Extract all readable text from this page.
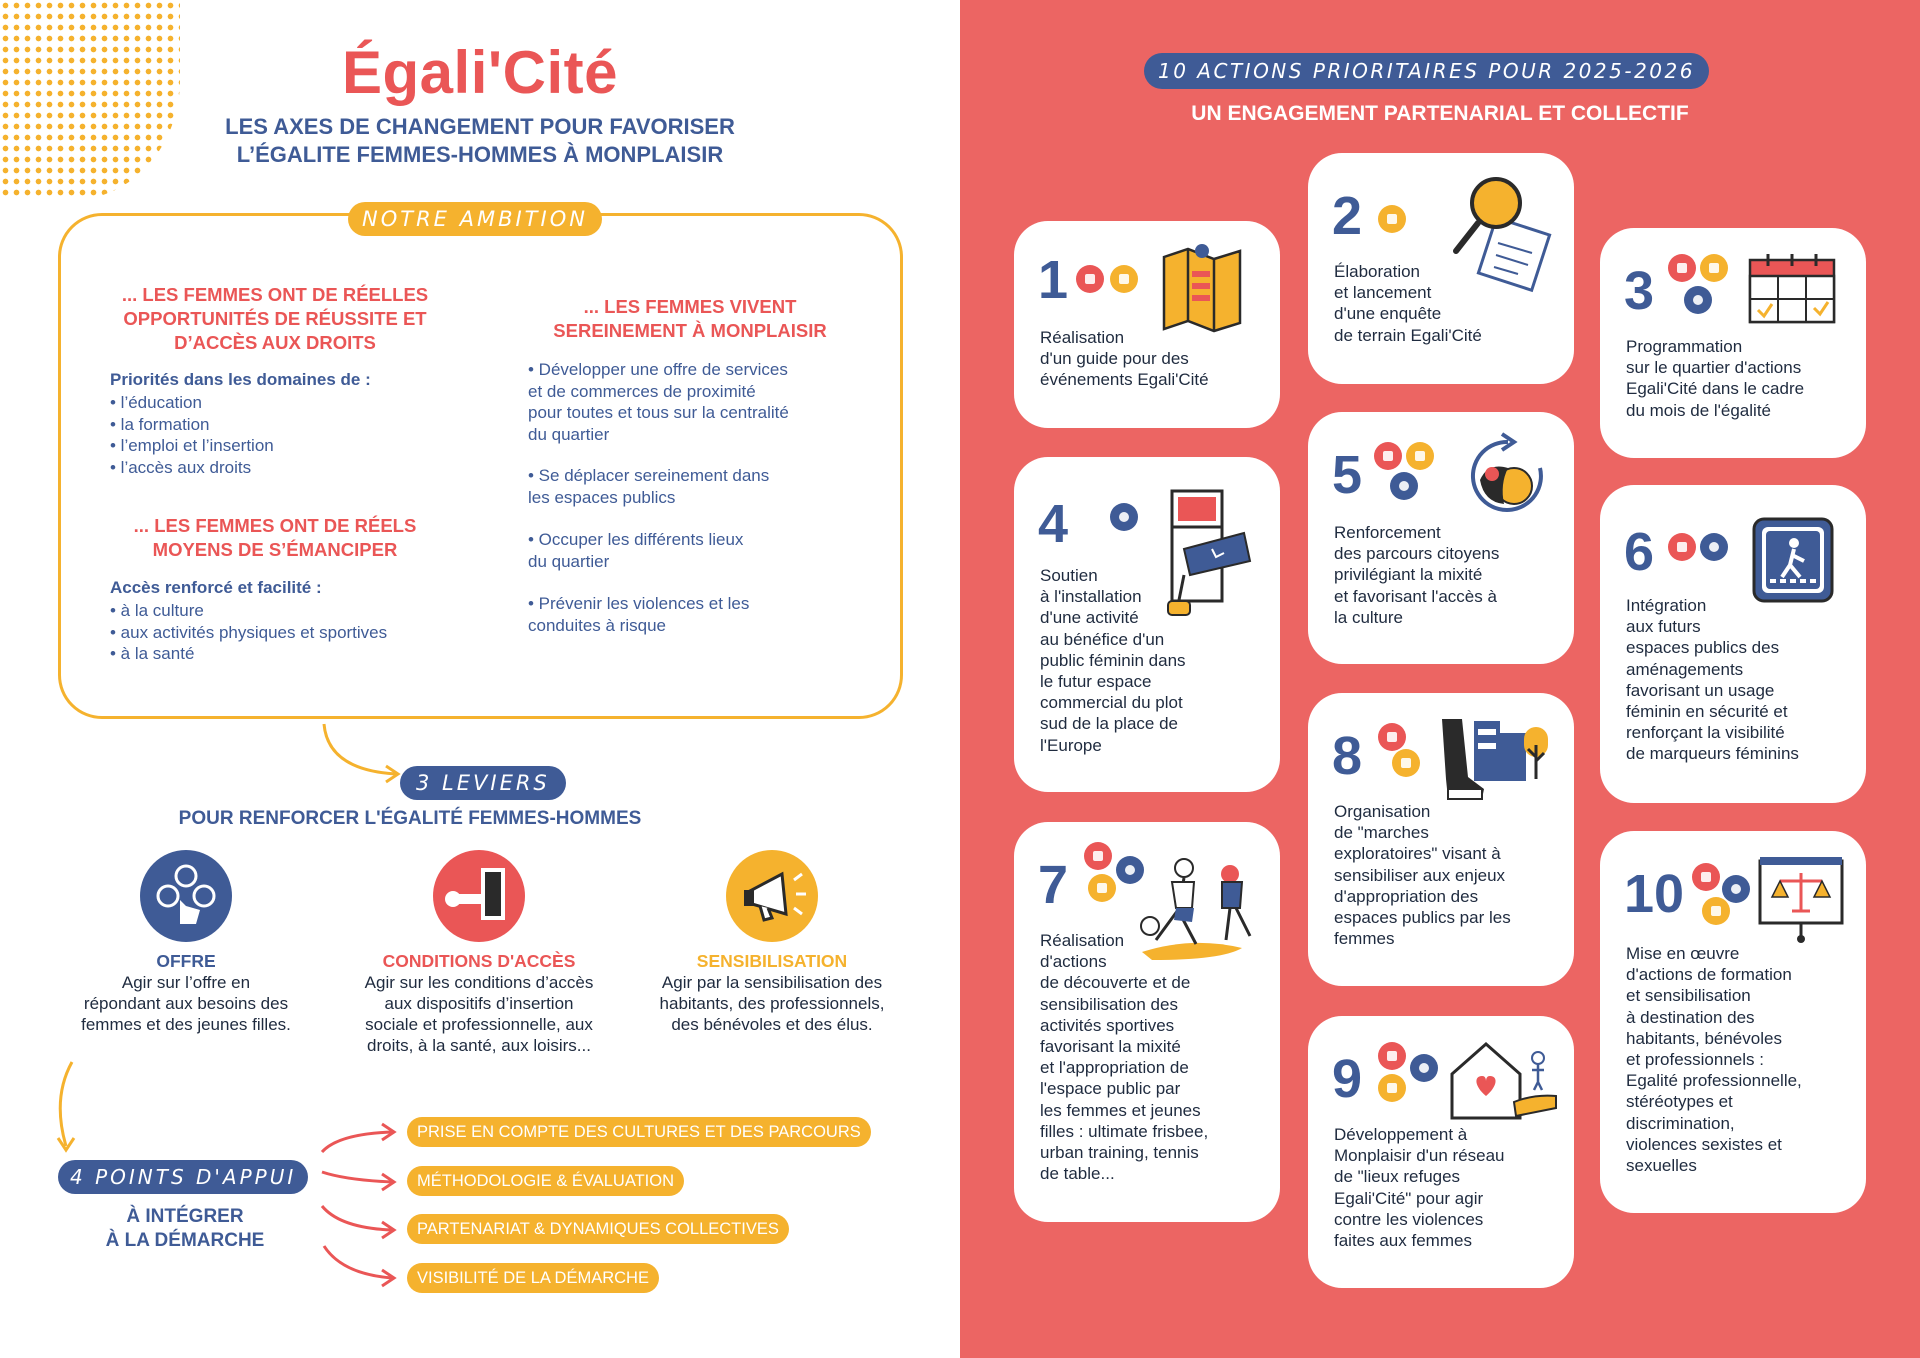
Égali'Cité
LES AXES DE CHANGEMENT POUR FAVORISER
L’ÉGALITE FEMMES-HOMMES À MONPLAISIR
NOTRE AMBITION
... LES FEMMES ONT DE RÉELLES
OPPORTUNITÉS DE RÉUSSITE ET
D’ACCÈS AUX DROITS
Priorités dans les domaines de :
• l’éducation
• la formation
• l’emploi et l’insertion
• l’accès aux droits
... LES FEMMES ONT DE RÉELS
MOYENS DE S’ÉMANCIPER
Accès renforcé et facilité :
• à la culture
• aux activités physiques et sportives
• à la santé
... LES FEMMES VIVENT
SEREINEMENT À MONPLAISIR
• Développer une offre de services
et de commerces de proximité
pour toutes et tous sur la centralité
du quartier
• Se déplacer sereinement dans
les espaces publics
• Occuper les différents lieux
du quartier
• Prévenir les violences et les
conduites à risque
3 LEVIERS
POUR RENFORCER L'ÉGALITÉ FEMMES-HOMMES
OFFRE
Agir sur l’offre en
répondant aux besoins des
femmes et des jeunes filles.
CONDITIONS D'ACCÈS
Agir sur les conditions d’accès
aux dispositifs d’insertion
sociale et professionnelle, aux
droits, à la santé, aux loisirs...
SENSIBILISATION
Agir par la sensibilisation des
habitants, des professionnels,
des bénévoles et des élus.
4 POINTS D'APPUI
À INTÉGRER
À LA DÉMARCHE
PRISE EN COMPTE DES CULTURES ET DES PARCOURS
MÉTHODOLOGIE & ÉVALUATION
PARTENARIAT & DYNAMIQUES COLLECTIVES
VISIBILITÉ DE LA DÉMARCHE
10 ACTIONS PRIORITAIRES POUR 2025-2026
UN ENGAGEMENT PARTENARIAL ET COLLECTIF
1
Réalisation
d'un guide pour des
événements Egali'Cité
2
Élaboration
et lancement
d'une enquête
de terrain Egali'Cité
3
Programmation
sur le quartier d'actions
Egali'Cité dans le cadre
du mois de l'égalité
4
Soutien
à l'installation
d'une activité
au bénéfice d'un
public féminin dans
le futur espace
commercial du plot
sud de la place de
l'Europe
5
Renforcement
des parcours citoyens
privilégiant la mixité
et favorisant l'accès à
la culture
6
Intégration
aux futurs
espaces publics des
aménagements
favorisant un usage
féminin en sécurité et
renforçant la visibilité
de marqueurs féminins
7
Réalisation
d'actions
de découverte et de
sensibilisation des
activités sportives
favorisant la mixité
et l'appropriation de
l'espace public par
les femmes et jeunes
filles : ultimate frisbee,
urban training, tennis
de table...
8
Organisation
de "marches
exploratoires" visant à
sensibiliser aux enjeux
d'appropriation des
espaces publics par les
femmes
9
Développement à
Monplaisir d'un réseau
de "lieux refuges
Egali'Cité" pour agir
contre les violences
faites aux femmes
10
Mise en œuvre
d'actions de formation
et sensibilisation
à destination des
habitants, bénévoles
et professionnels :
Egalité professionnelle,
stéréotypes et
discrimination,
violences sexistes et
sexuelles
